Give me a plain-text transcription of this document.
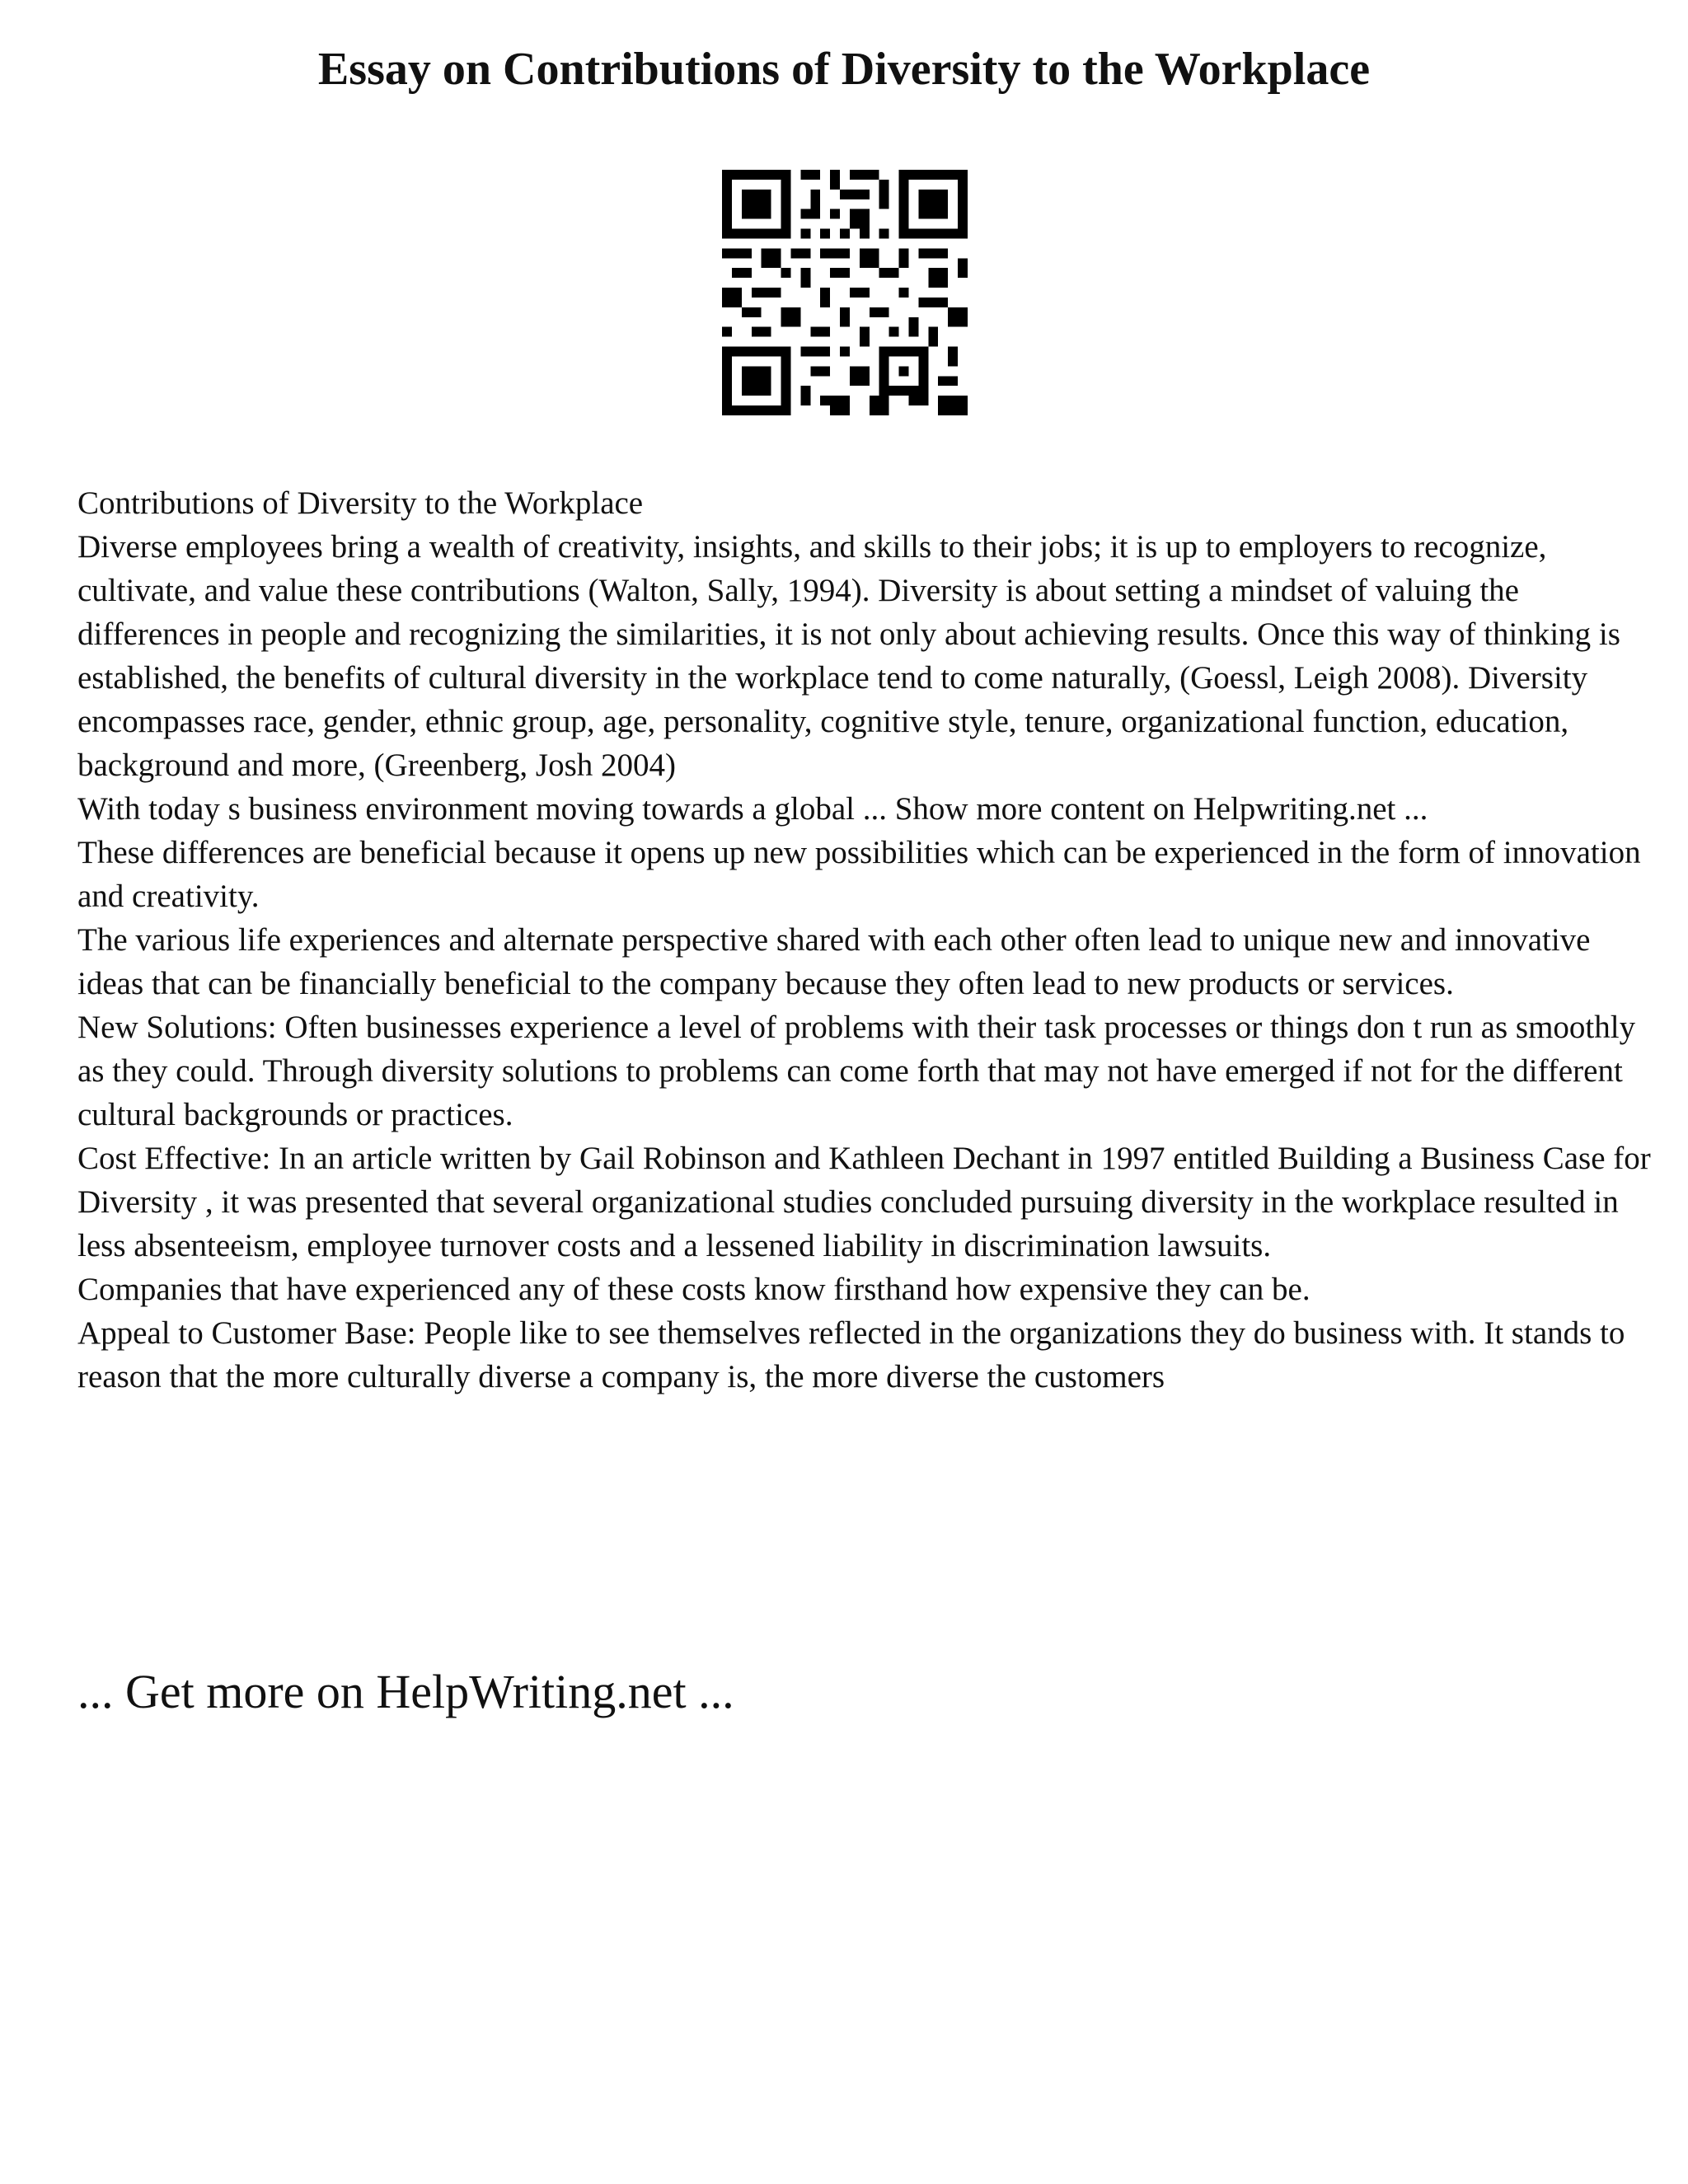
Essay on Contributions of Diversity to the Workplace

Contributions of Diversity to the Workplace

Diverse employees bring a wealth of creativity, insights, and skills to their jobs; it is up to employers to recognize, cultivate, and value these contributions (Walton, Sally, 1994). Diversity is about setting a mindset of valuing the differences in people and recognizing the similarities, it is not only about achieving results. Once this way of thinking is established, the benefits of cultural diversity in the workplace tend to come naturally, (Goessl, Leigh 2008). Diversity encompasses race, gender, ethnic group, age, personality, cognitive style, tenure, organizational function, education, background and more, (Greenberg, Josh 2004)

With today s business environment moving towards a global ... Show more content on Helpwriting.net ...

These differences are beneficial because it opens up new possibilities which can be experienced in the form of innovation and creativity.

The various life experiences and alternate perspective shared with each other often lead to unique new and innovative ideas that can be financially beneficial to the company because they often lead to new products or services.

New Solutions: Often businesses experience a level of problems with their task processes or things don t run as smoothly as they could. Through diversity solutions to problems can come forth that may not have emerged if not for the different cultural backgrounds or practices.

Cost Effective: In an article written by Gail Robinson and Kathleen Dechant in 1997 entitled Building a Business Case for Diversity , it was presented that several organizational studies concluded pursuing diversity in the workplace resulted in less absenteeism, employee turnover costs and a lessened liability in discrimination lawsuits.

Companies that have experienced any of these costs know firsthand how expensive they can be.

Appeal to Customer Base: People like to see themselves reflected in the organizations they do business with. It stands to reason that the more culturally diverse a company is, the more diverse the customers

... Get more on HelpWriting.net ...
